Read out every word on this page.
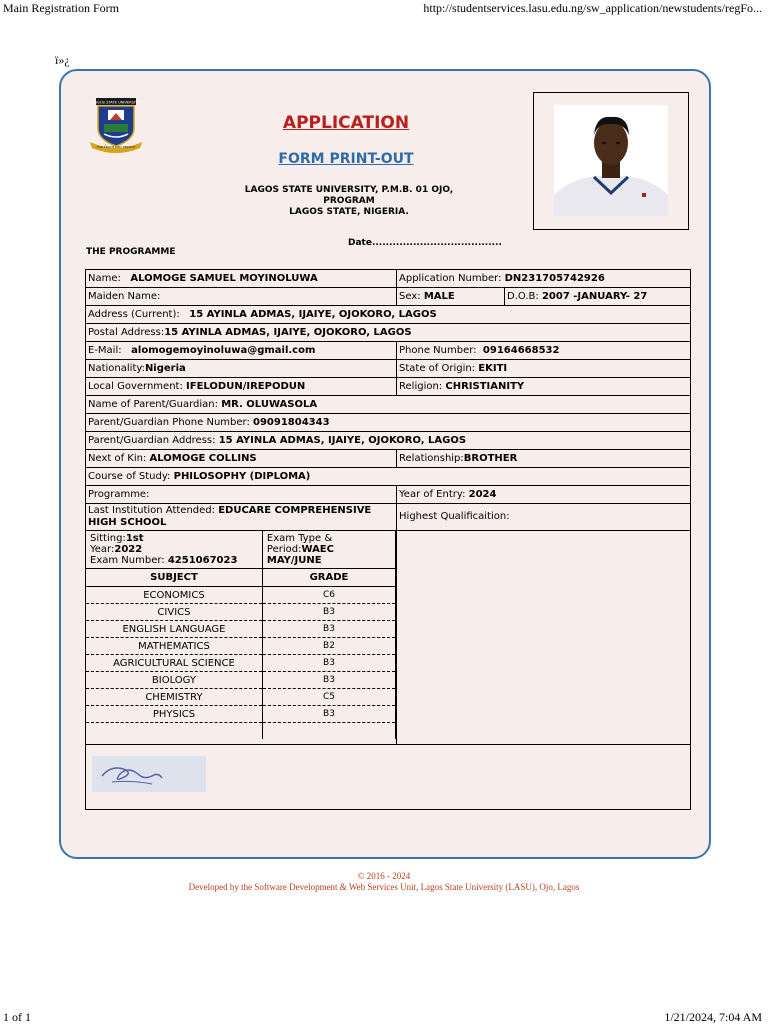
Main Registration Form	http://studentservices.lasu.edu.ng/sw_application/newstudents/regFo...
ï»¿
LAGOS STATE UNIVERSITY
FOR TRUTH AND SERVICE
APPLICATION
FORM PRINT-OUT
LAGOS STATE UNIVERSITY, P.M.B. 01 OJO,
PROGRAM
LAGOS STATE, NIGERIA.
Date......................................
THE PROGRAMME
Name: ALOMOGE SAMUEL MOYINOLUWA	Application Number: DN231705742926
Maiden Name:	Sex: MALE	D.O.B: 2007 -JANUARY- 27
Address (Current): 15 AYINLA ADMAS, IJAIYE, OJOKORO, LAGOS
Postal Address:15 AYINLA ADMAS, IJAIYE, OJOKORO, LAGOS
E-Mail: alomogemoyinoluwa@gmail.com	Phone Number: 09164668532
Nationality:Nigeria	State of Origin: EKITI
Local Government: IFELODUN/IREPODUN	Religion: CHRISTIANITY
Name of Parent/Guardian: MR. OLUWASOLA
Parent/Guardian Phone Number: 09091804343
Parent/Guardian Address: 15 AYINLA ADMAS, IJAIYE, OJOKORO, LAGOS
Next of Kin: ALOMOGE COLLINS	Relationship:BROTHER
Course of Study: PHILOSOPHY (DIPLOMA)
Programme:	Year of Entry: 2024
Last Institution Attended: EDUCARE COMPREHENSIVE HIGH SCHOOL	Highest Qualificaition:

Sitting:1st
Year:2022
Exam Number: 4251067023	Exam Type &
Period:WAEC
MAY/JUNE
SUBJECT	GRADE
ECONOMICS	C6
CIVICS	B3
ENGLISH LANGUAGE	B3
MATHEMATICS	B2
AGRICULTURAL SCIENCE	B3
BIOLOGY	B3
CHEMISTRY	C5
PHYSICS	B3

© 2016 - 2024
Developed by the Software Development & Web Services Unit, Lagos State University (LASU), Ojo, Lagos
1 of 1	1/21/2024, 7:04 AM
